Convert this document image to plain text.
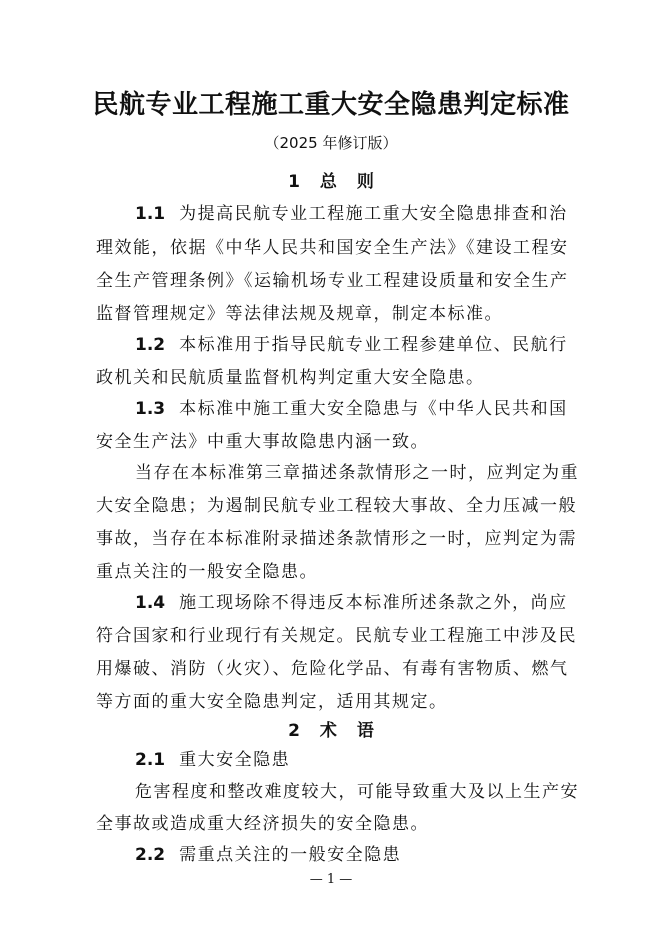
民航专业工程施工重大安全隐患判定标准
（2025 年修订版）
1 总 则
1.1 为提高民航专业工程施工重大安全隐患排查和治
理效能，依据《中华人民共和国安全生产法》《建设工程安
全生产管理条例》《运输机场专业工程建设质量和安全生产
监督管理规定》等法律法规及规章，制定本标准。
1.2 本标准用于指导民航专业工程参建单位、民航行
政机关和民航质量监督机构判定重大安全隐患。
1.3 本标准中施工重大安全隐患与《中华人民共和国
安全生产法》中重大事故隐患内涵一致。
当存在本标准第三章描述条款情形之一时，应判定为重
大安全隐患；为遏制民航专业工程较大事故、全力压减一般
事故，当存在本标准附录描述条款情形之一时，应判定为需
重点关注的一般安全隐患。
1.4 施工现场除不得违反本标准所述条款之外，尚应
符合国家和行业现行有关规定。民航专业工程施工中涉及民
用爆破、消防（火灾）、危险化学品、有毒有害物质、燃气
等方面的重大安全隐患判定，适用其规定。
2 术 语
2.1 重大安全隐患
危害程度和整改难度较大，可能导致重大及以上生产安
— 1 —
全事故或造成重大经济损失的安全隐患。
2.2 需重点关注的一般安全隐患
